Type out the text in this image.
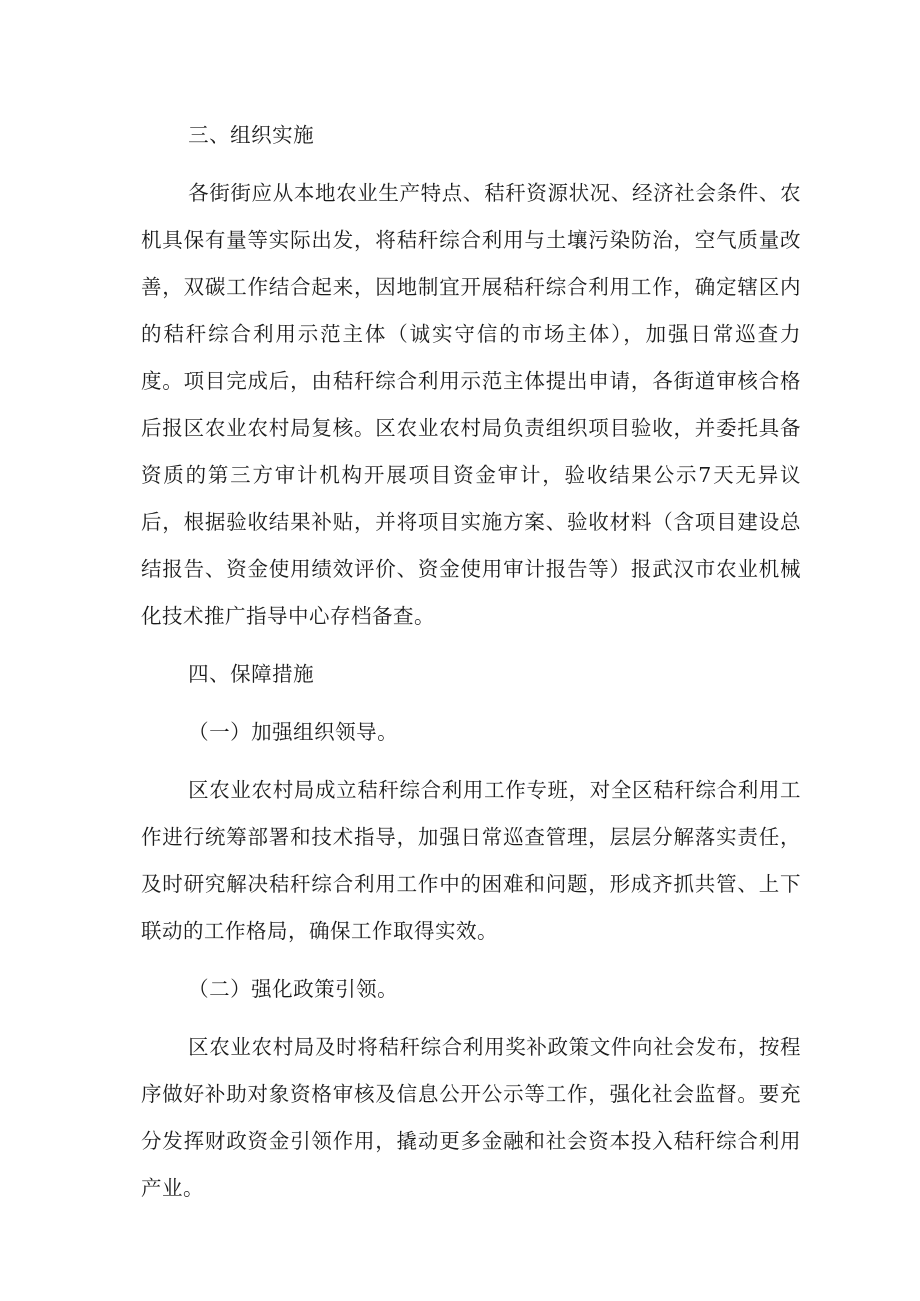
三、组织实施

各街街应从本地农业生产特点、秸秆资源状况、经济社会条件、农机具保有量等实际出发，将秸秆综合利用与土壤污染防治，空气质量改善，双碳工作结合起来，因地制宜开展秸秆综合利用工作，确定辖区内的秸秆综合利用示范主体（诚实守信的市场主体），加强日常巡查力度。项目完成后，由秸秆综合利用示范主体提出申请，各街道审核合格后报区农业农村局复核。区农业农村局负责组织项目验收，并委托具备资质的第三方审计机构开展项目资金审计，验收结果公示7天无异议后，根据验收结果补贴，并将项目实施方案、验收材料（含项目建设总结报告、资金使用绩效评价、资金使用审计报告等）报武汉市农业机械化技术推广指导中心存档备查。

四、保障措施

（一）加强组织领导。

区农业农村局成立秸秆综合利用工作专班，对全区秸秆综合利用工作进行统筹部署和技术指导，加强日常巡查管理，层层分解落实责任，及时研究解决秸秆综合利用工作中的困难和问题，形成齐抓共管、上下联动的工作格局，确保工作取得实效。

（二）强化政策引领。

区农业农村局及时将秸秆综合利用奖补政策文件向社会发布，按程序做好补助对象资格审核及信息公开公示等工作，强化社会监督。要充分发挥财政资金引领作用，撬动更多金融和社会资本投入秸秆综合利用产业。
